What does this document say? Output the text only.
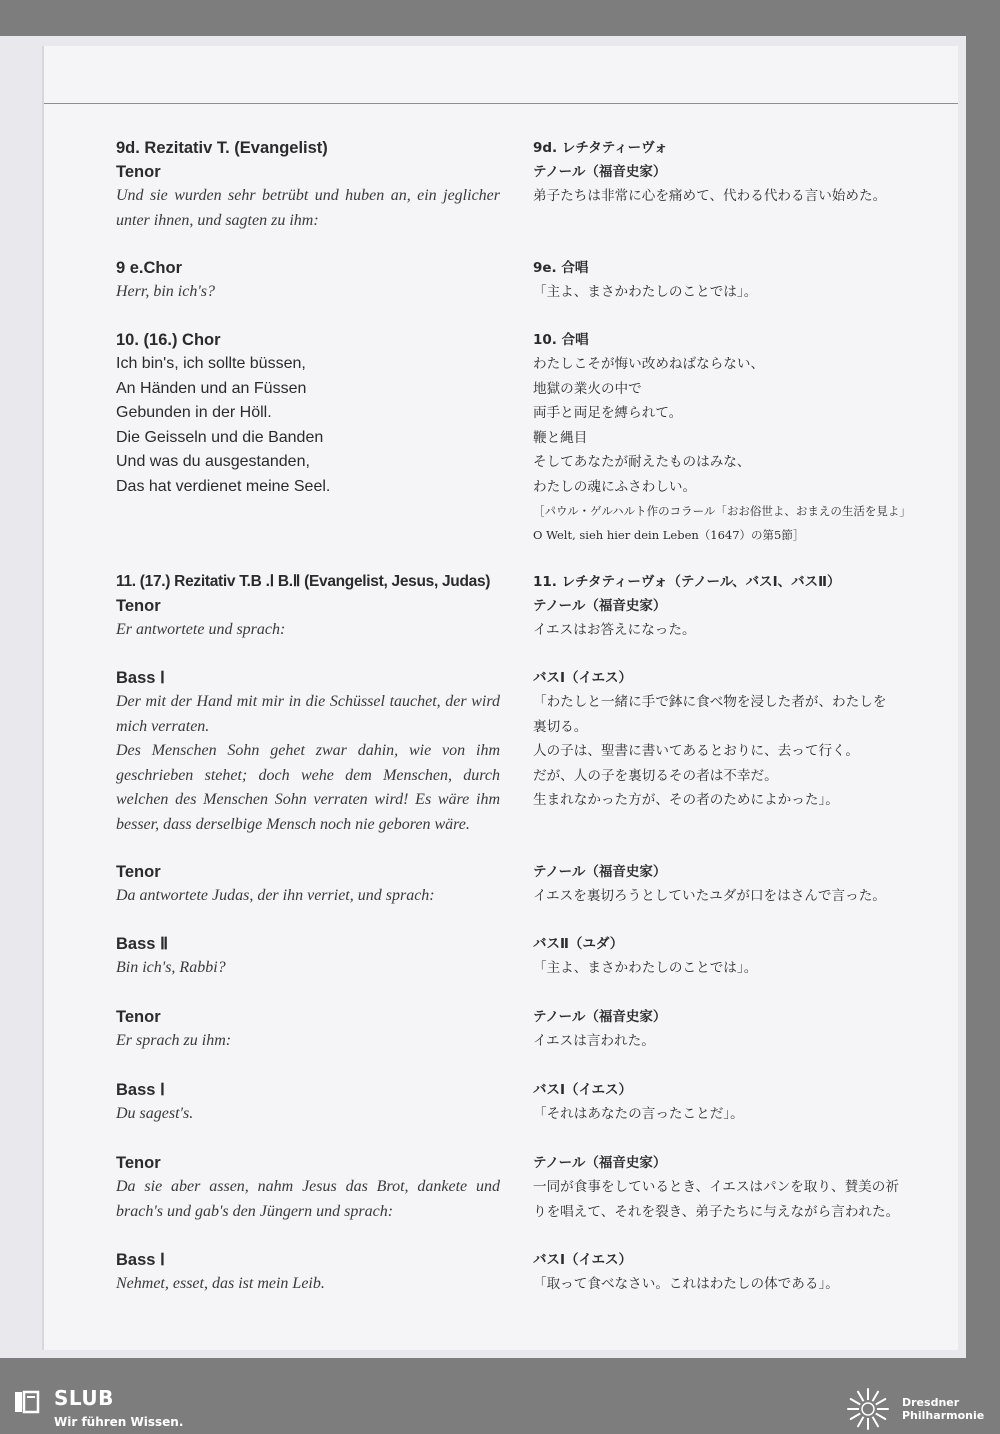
9d. Rezitativ T. (Evangelist)
Tenor
Und sie wurden sehr betrübt und huben an, ein jeglicher unter ihnen, und sagten zu ihm:
9 e.Chor
Herr, bin ich's?
10. (16.) Chor
Ich bin's, ich sollte büssen,
An Händen und an Füssen
Gebunden in der Höll.
Die Geisseln und die Banden
Und was du ausgestanden,
Das hat verdienet meine Seel.
11. (17.) Rezitativ T.B .Ⅰ B.Ⅱ (Evangelist, Jesus, Judas)
Tenor
Er antwortete und sprach:
Bass Ⅰ
Der mit der Hand mit mir in die Schüssel tauchet, der wird mich verraten.
Des Menschen Sohn gehet zwar dahin, wie von ihm geschrieben stehet; doch wehe dem Menschen, durch welchen des Menschen Sohn verraten wird! Es wäre ihm besser, dass derselbige Mensch noch nie geboren wäre.
Tenor
Da antwortete Judas, der ihn verriet, und sprach:
Bass Ⅱ
Bin ich's, Rabbi?
Tenor
Er sprach zu ihm:
Bass Ⅰ
Du sagest's.
Tenor
Da sie aber assen, nahm Jesus das Brot, dankete und brach's und gab's den Jüngern und sprach:
Bass Ⅰ
Nehmet, esset, das ist mein Leib.
9d. レチタティーヴォ
テノール（福音史家）
弟子たちは非常に心を痛めて、代わる代わる言い始めた。
9e. 合唱
「主よ、まさかわたしのことでは」。
10. 合唱
わたしこそが悔い改めねばならない、
地獄の業火の中で
両手と両足を縛られて。
鞭と縄目
そしてあなたが耐えたものはみな、
わたしの魂にふさわしい。
［パウル・ゲルハルト作のコラール「おお俗世よ、おまえの生活を見よ」
O Welt, sieh hier dein Leben（1647）の第5節］
11. レチタティーヴォ（テノール、バスⅠ、バスⅡ）
テノール（福音史家）
イエスはお答えになった。
バスⅠ（イエス）
「わたしと一緒に手で鉢に食べ物を浸した者が、わたしを
裏切る。
人の子は、聖書に書いてあるとおりに、去って行く。
だが、人の子を裏切るその者は不幸だ。
生まれなかった方が、その者のためによかった」。
テノール（福音史家）
イエスを裏切ろうとしていたユダが口をはさんで言った。
バスⅡ（ユダ）
「主よ、まさかわたしのことでは」。
テノール（福音史家）
イエスは言われた。
バスⅠ（イエス）
「それはあなたの言ったことだ」。
テノール（福音史家）
一同が食事をしているとき、イエスはパンを取り、賛美の祈
りを唱えて、それを裂き、弟子たちに与えながら言われた。
バスⅠ（イエス）
「取って食べなさい。これはわたしの体である」。
SLUB
Wir führen Wissen.
Dresdner
Philharmonie
